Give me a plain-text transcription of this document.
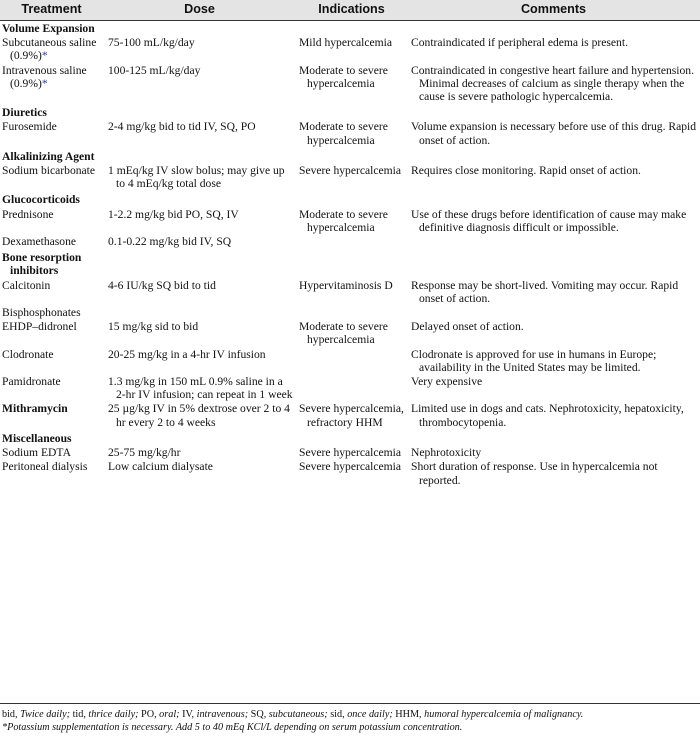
Treatment	Dose	Indications	Comments

Volume Expansion			

Subcutaneous saline (0.9%)*	75-100 mL/kg/day	Mild hypercalcemia	Contraindicated if peripheral edema is present.

Intravenous saline (0.9%)*	100-125 mL/kg/day	Moderate to severe hypercalcemia	Contraindicated in congestive heart failure and hypertension. Minimal decreases of calcium as single therapy when the cause is severe pathologic hypercalcemia.

Diuretics			

Furosemide	2-4 mg/kg bid to tid IV, SQ, PO	Moderate to severe hypercalcemia	Volume expansion is necessary before use of this drug. Rapid onset of action.

Alkalinizing Agent			

Sodium bicarbonate	1 mEq/kg IV slow bolus; may give up to 4 mEq/kg total dose	Severe hypercalcemia	Requires close monitoring. Rapid onset of action.

Glucocorticoids			

Prednisone	1-2.2 mg/kg bid PO, SQ, IV	Moderate to severe hypercalcemia	Use of these drugs before identification of cause may make definitive diagnosis difficult or impossible.

Dexamethasone	0.1-0.22 mg/kg bid IV, SQ		

Bone resorption inhibitors			

Calcitonin	4-6 IU/kg SQ bid to tid	Hypervitaminosis D	Response may be short-lived. Vomiting may occur. Rapid onset of action.

Bisphosphonates			

EHDP–didronel	15 mg/kg sid to bid	Moderate to severe hypercalcemia	Delayed onset of action.

Clodronate	20-25 mg/kg in a 4-hr IV infusion		Clodronate is approved for use in humans in Europe; availability in the United States may be limited.

Pamidronate	1.3 mg/kg in 150 mL 0.9% saline in a 2-hr IV infusion; can repeat in 1 week		Very expensive

Mithramycin	25 µg/kg IV in 5% dextrose over 2 to 4 hr every 2 to 4 weeks	Severe hypercalcemia, refractory HHM	Limited use in dogs and cats. Nephrotoxicity, hepatoxicity, thrombocytopenia.

Miscellaneous			

Sodium EDTA	25-75 mg/kg/hr	Severe hypercalcemia	Nephrotoxicity

Peritoneal dialysis	Low calcium dialysate	Severe hypercalcemia	Short duration of response. Use in hypercalcemia not reported.
bid, Twice daily; tid, thrice daily; PO, oral; IV, intravenous; SQ, subcutaneous; sid, once daily; HHM, humoral hypercalcemia of malignancy.
*Potassium supplementation is necessary. Add 5 to 40 mEq KCl/L depending on serum potassium concentration.
